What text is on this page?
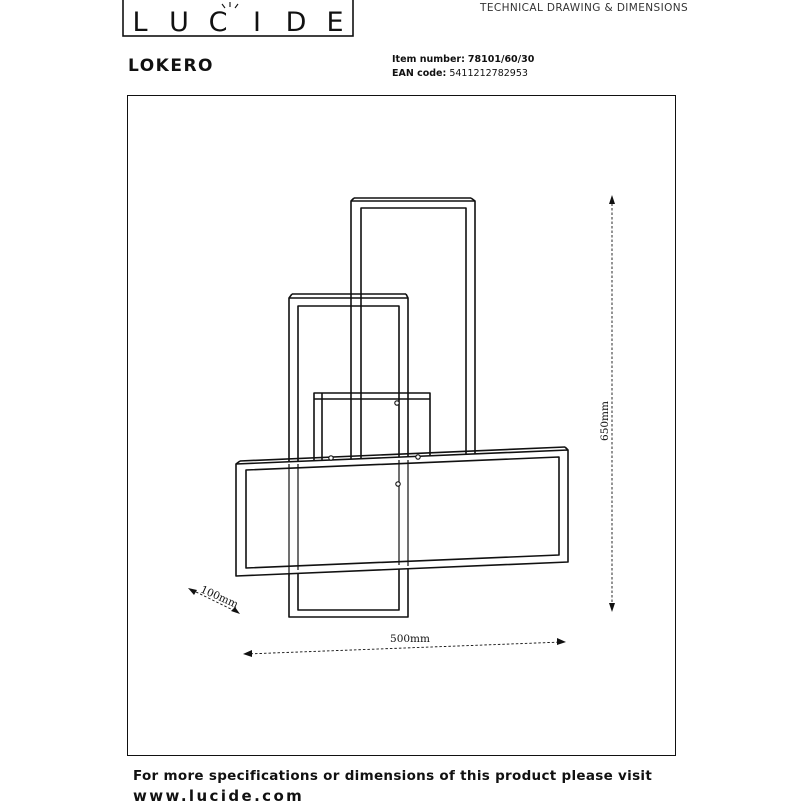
L U C I D E	TECHNICAL DRAWING & DIMENSIONS
LOKERO	Item number: 78101/60/30
EAN code: 5411212782953
650mm
500mm
100mm
For more specifications or dimensions of this product please visit
www.lucide.com
